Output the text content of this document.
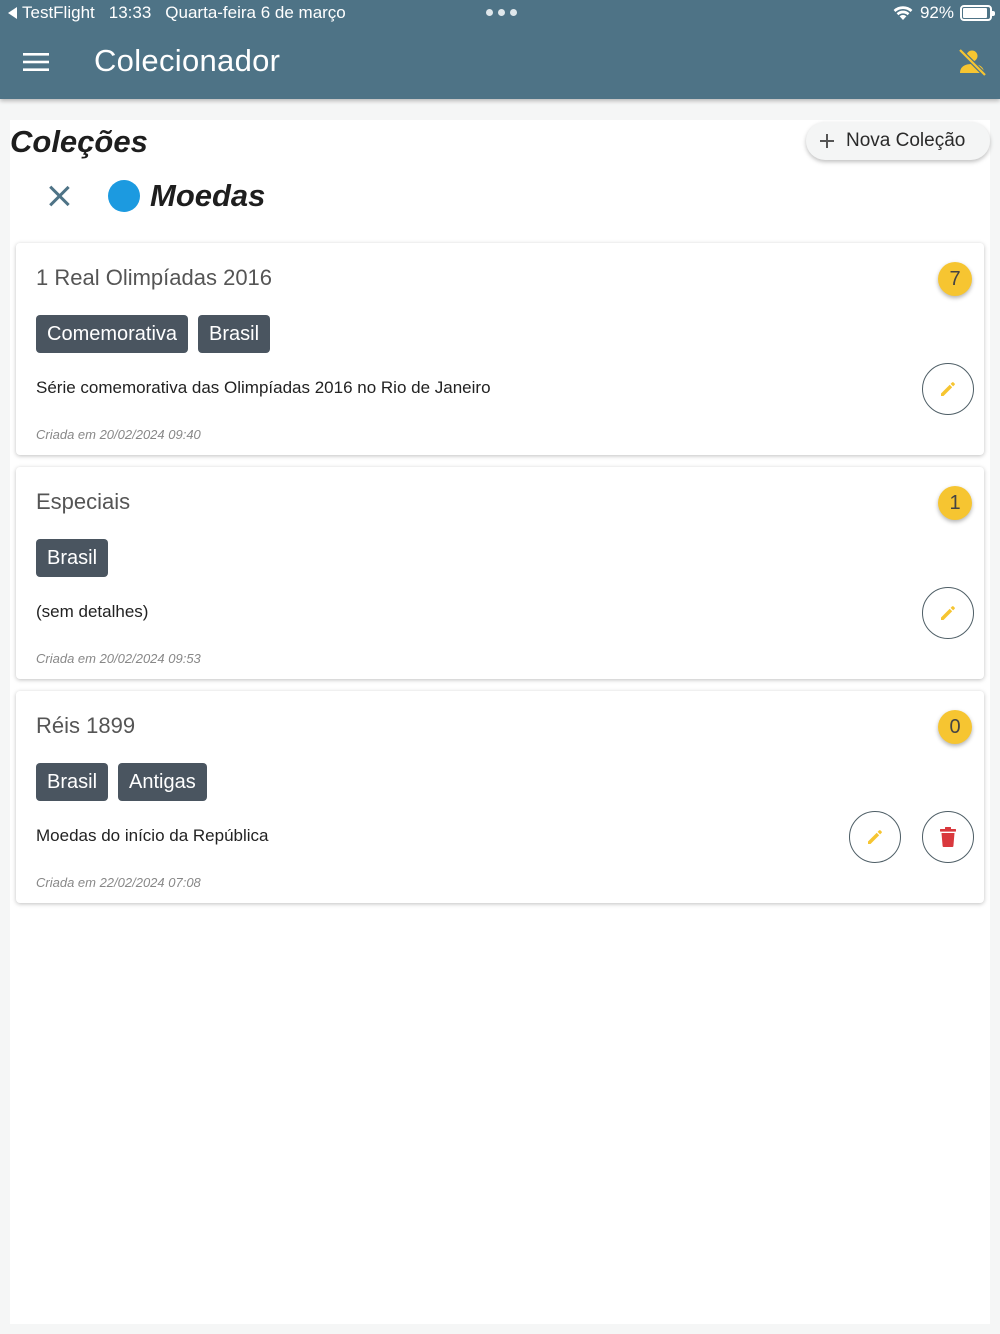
TestFlight 13:33 Quarta-feira 6 de março	92%
Colecionador
Coleções	Nova Coleção
Moedas
1 Real Olimpíadas 2016	7
Comemorativa	Brasil
Série comemorativa das Olimpíadas 2016 no Rio de Janeiro
Criada em 20/02/2024 09:40
Especiais	1
Brasil
(sem detalhes)
Criada em 20/02/2024 09:53
Réis 1899	0
Brasil	Antigas
Moedas do início da República
Criada em 22/02/2024 07:08
